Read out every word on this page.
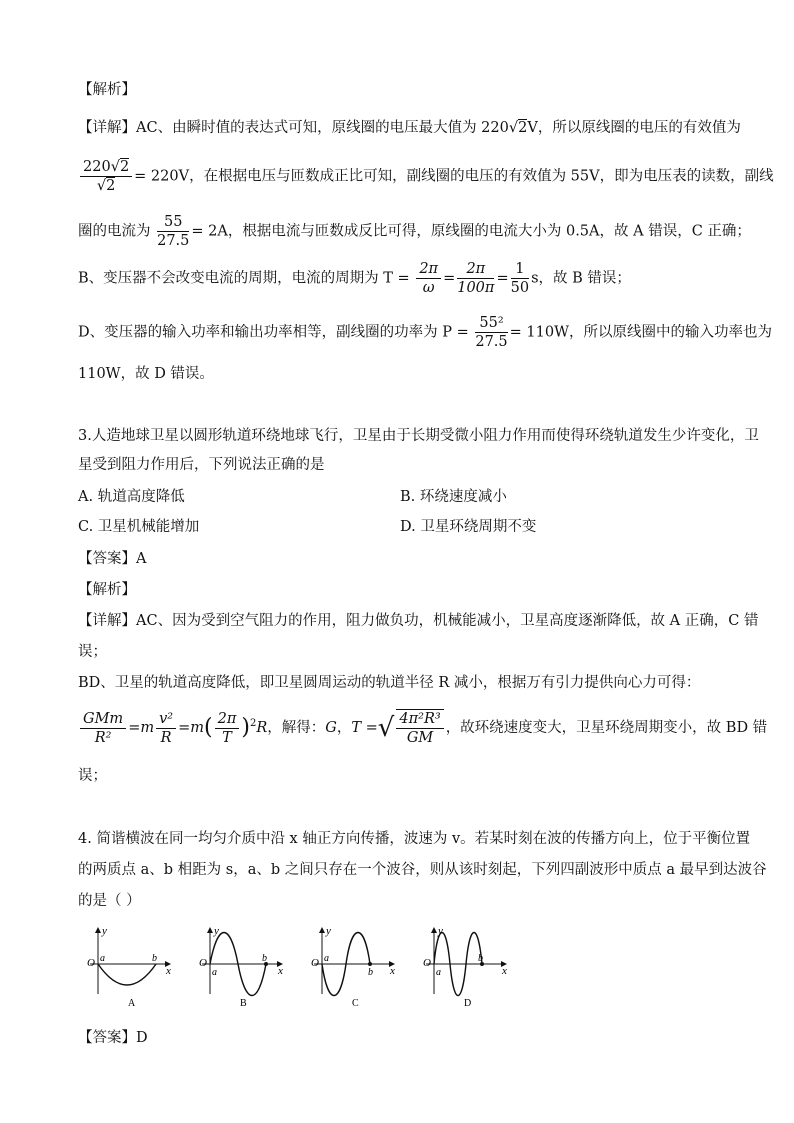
【解析】
【详解】AC、由瞬时值的表达式可知，原线圈的电压最大值为 220√2V，所以原线圈的电压的有效值为
$\frac{220√2}{√2} = 220V$，在根据电压与匝数成正比可知，副线圈的电压的有效值为 55V，即为电压表的读数，副线
圈的电流为 $\frac{55}{27.5} = 2A$，根据电流与匝数成反比可得，原线圈的电流大小为 0.5A，故 A 错误，C 正确；
B、变压器不会改变电流的周期，电流的周期为 $T = \frac{2\pi}{\omega} = \frac{2\pi}{100\pi} = \frac{1}{50}$ s，故 B 错误；
D、变压器的输入功率和输出功率相等，副线圈的功率为 $P = \frac{\text{55²}}{27.5} = 110W$，所以原线圈中的输入功率也为
110W，故 D 错误。
3.人造地球卫星以圆形轨道环绕地球飞行，卫星由于长期受微小阻力作用而使得环绕轨道发生少许变化，卫
星受到阻力作用后，下列说法正确的是
A. 轨道高度降低	B. 环绕速度减小
C. 卫星机械能增加	D. 卫星环绕周期不变
【答案】A
【解析】
【详解】AC、因为受到空气阻力的作用，阻力做负功，机械能减小，卫星高度逐渐降低，故 A 正确，C 错
误；
BD、卫星的轨道高度降低，即卫星圆周运动的轨道半径 R 减小，根据万有引力提供向心力可得：
$\frac{\text{GMm}}{\text{R²}} =m \frac{\text{v²}}{R} =m( \frac{2\pi}{T} )^2R$，解得：G，T =√ $\frac{\text{4π²R³}}{GM}$ ，故环绕速度变大，卫星环绕周期变小，故 BD 错
误；
4. 简谐横波在同一均匀介质中沿 x 轴正方向传播，波速为 v。若某时刻在波的传播方向上，位于平衡位置
的两质点 a、b 相距为 s，a、b 之间只存在一个波谷，则从该时刻起，下列四副波形中质点 a 最早到达波谷
的是（ ）
y
O a	b
x
A
y
O
a
b
x
B
y
O a
b x
C
y
O
a
b
x
D
【答案】D
